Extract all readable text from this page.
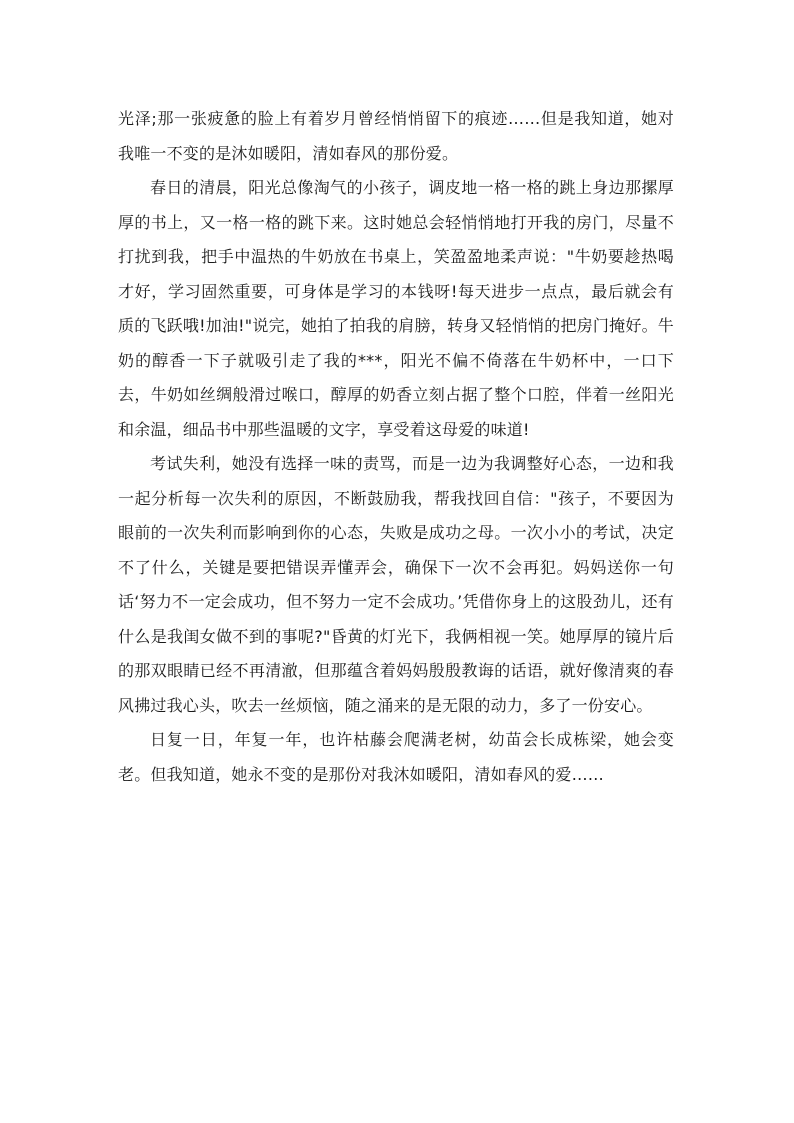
光泽;那一张疲惫的脸上有着岁月曾经悄悄留下的痕迹……但是我知道，她对我唯一不变的是沐如暖阳，清如春风的那份爱。

春日的清晨，阳光总像淘气的小孩子，调皮地一格一格的跳上身边那摞厚厚的书上，又一格一格的跳下来。这时她总会轻悄悄地打开我的房门，尽量不打扰到我，把手中温热的牛奶放在书桌上，笑盈盈地柔声说："牛奶要趁热喝才好，学习固然重要，可身体是学习的本钱呀!每天进步一点点，最后就会有质的飞跃哦!加油!"说完，她拍了拍我的肩膀，转身又轻悄悄的把房门掩好。牛奶的醇香一下子就吸引走了我的***，阳光不偏不倚落在牛奶杯中，一口下去，牛奶如丝绸般滑过喉口，醇厚的奶香立刻占据了整个口腔，伴着一丝阳光和余温，细品书中那些温暖的文字，享受着这母爱的味道!

考试失利，她没有选择一味的责骂，而是一边为我调整好心态，一边和我一起分析每一次失利的原因，不断鼓励我，帮我找回自信："孩子，不要因为眼前的一次失利而影响到你的心态，失败是成功之母。一次小小的考试，决定不了什么，关键是要把错误弄懂弄会，确保下一次不会再犯。妈妈送你一句话‘努力不一定会成功，但不努力一定不会成功。’凭借你身上的这股劲儿，还有什么是我闺女做不到的事呢?"昏黄的灯光下，我俩相视一笑。她厚厚的镜片后的那双眼睛已经不再清澈，但那蕴含着妈妈殷殷教诲的话语，就好像清爽的春风拂过我心头，吹去一丝烦恼，随之涌来的是无限的动力，多了一份安心。

日复一日，年复一年，也许枯藤会爬满老树，幼苗会长成栋梁，她会变老。但我知道，她永不变的是那份对我沐如暖阳，清如春风的爱……
